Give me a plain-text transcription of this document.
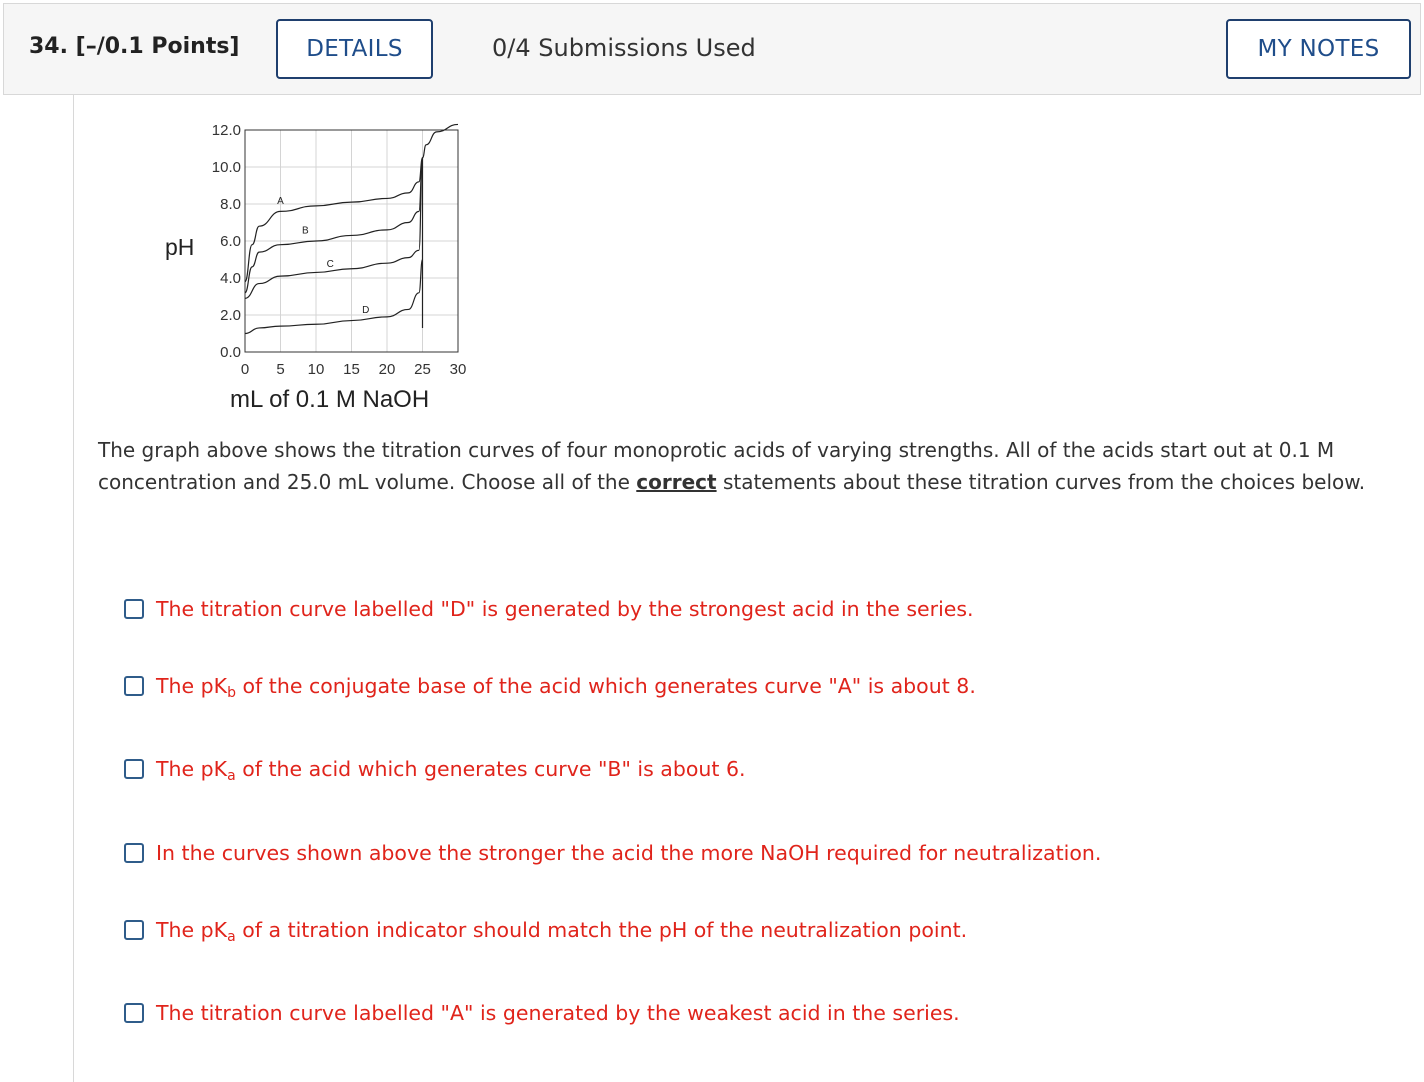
34. [–/0.1 Points]	DETAILS	0/4 Submissions Used	MY NOTES
0.0
2.0
4.0
6.0
8.0
10.0
12.0
0 5 10 15 20 25 30
A
B
C
D
pH
mL of 0.1 M NaOH
The graph above shows the titration curves of four monoprotic acids of varying strengths. All of the acids start out at 0.1 M concentration and 25.0 mL volume. Choose all of the correct statements about these titration curves from the choices below.
The titration curve labelled "D" is generated by the strongest acid in the series.
The $pK_b$ of the conjugate base of the acid which generates curve "A" is about 8.
The $pK_a$ of the acid which generates curve "B" is about 6.
In the curves shown above the stronger the acid the more NaOH required for neutralization.
The $pK_a$ of a titration indicator should match the pH of the neutralization point.
The titration curve labelled "A" is generated by the weakest acid in the series.
